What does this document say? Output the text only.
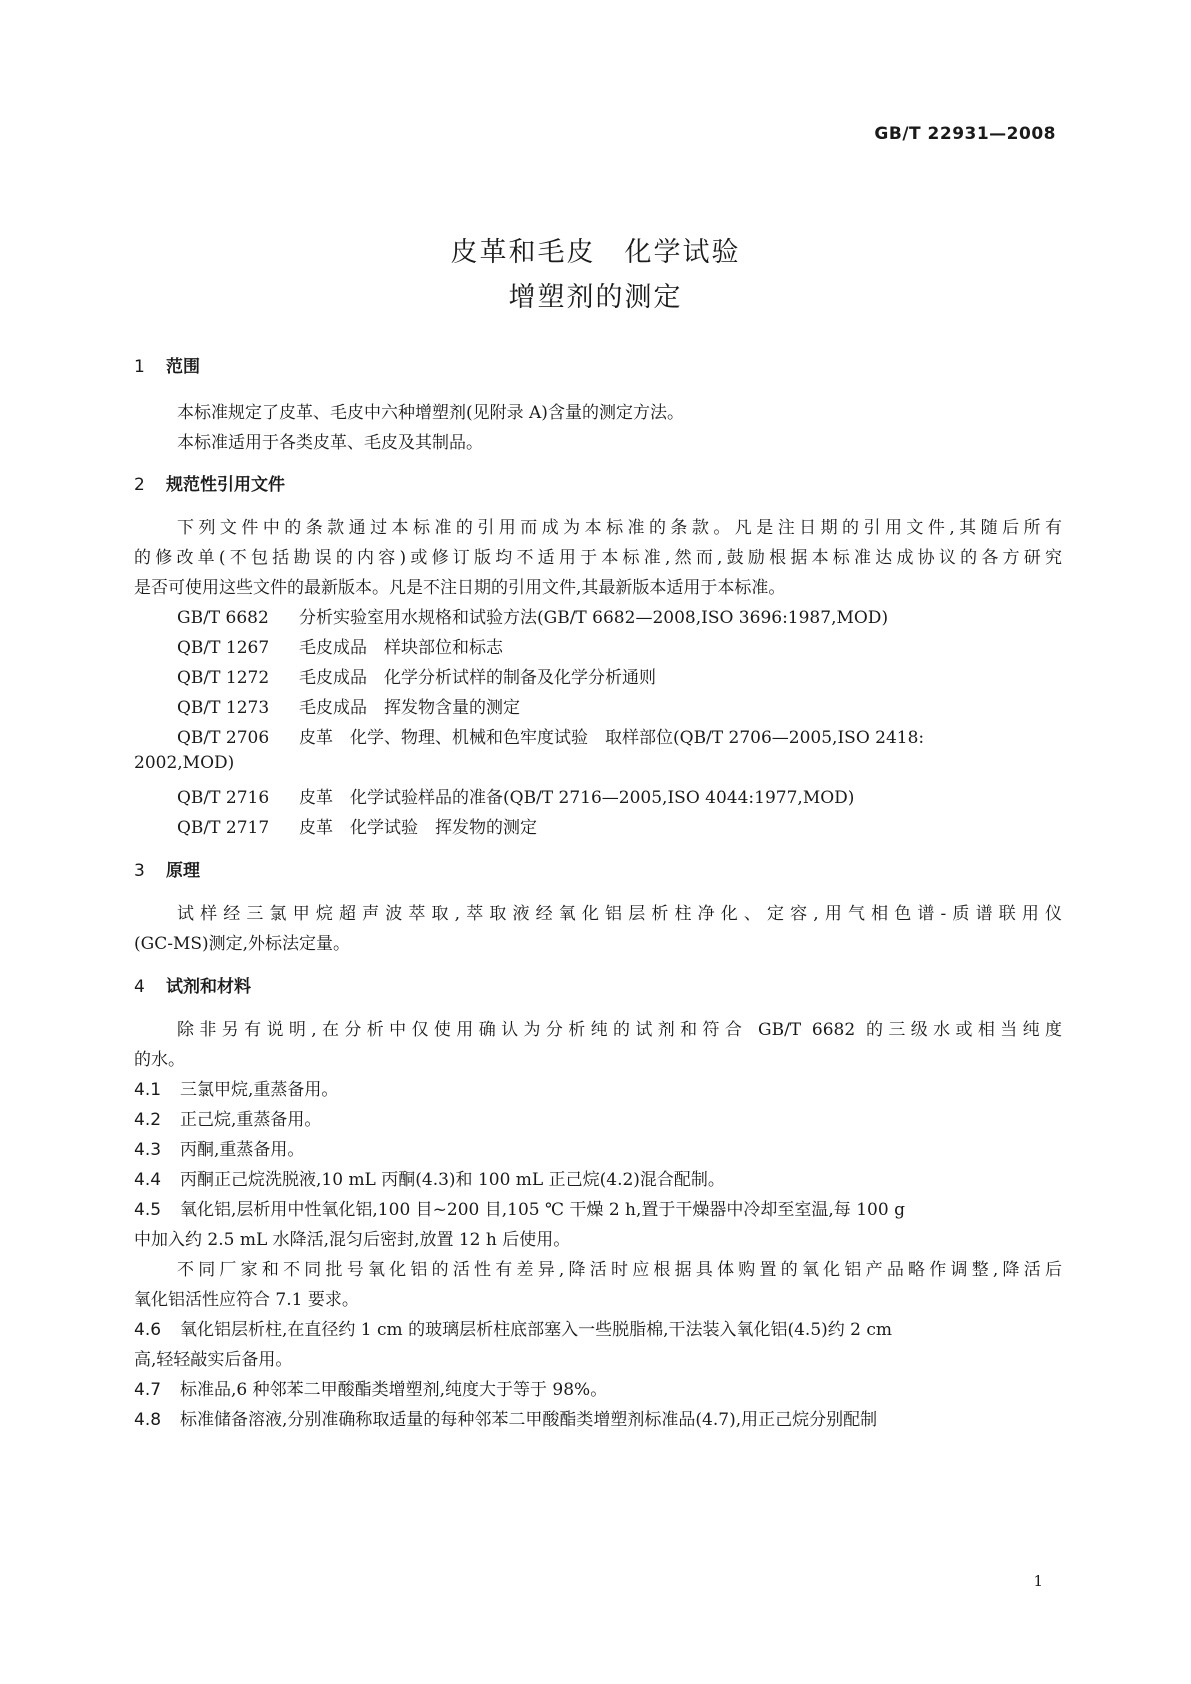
GB/T 22931—2008
皮革和毛皮　化学试验
增塑剂的测定
1 范围
本标准规定了皮革、毛皮中六种增塑剂(见附录 A)含量的测定方法。
本标准适用于各类皮革、毛皮及其制品。
2 规范性引用文件
下列文件中的条款通过本标准的引用而成为本标准的条款。凡是注日期的引用文件,其随后所有
的修改单(不包括勘误的内容)或修订版均不适用于本标准,然而,鼓励根据本标准达成协议的各方研究
是否可使用这些文件的最新版本。凡是不注日期的引用文件,其最新版本适用于本标准。
GB/T 6682 分析实验室用水规格和试验方法(GB/T 6682—2008,ISO 3696:1987,MOD)
QB/T 1267 毛皮成品　样块部位和标志
QB/T 1272 毛皮成品　化学分析试样的制备及化学分析通则
QB/T 1273 毛皮成品　挥发物含量的测定
QB/T 2706 皮革　化学、物理、机械和色牢度试验　取样部位(QB/T 2706—2005,ISO 2418:
2002,MOD)
QB/T 2716 皮革　化学试验样品的准备(QB/T 2716—2005,ISO 4044:1977,MOD)
QB/T 2717 皮革　化学试验　挥发物的测定
3 原理
试样经三氯甲烷超声波萃取,萃取液经氧化铝层析柱净化、定容,用气相色谱-质谱联用仪
(GC-MS)测定,外标法定量。
4 试剂和材料
除非另有说明,在分析中仅使用确认为分析纯的试剂和符合 GB/T 6682 的三级水或相当纯度
的水。
4.1 三氯甲烷,重蒸备用。
4.2 正己烷,重蒸备用。
4.3 丙酮,重蒸备用。
4.4 丙酮正己烷洗脱液,10 mL 丙酮(4.3)和 100 mL 正己烷(4.2)混合配制。
4.5 氧化铝,层析用中性氧化铝,100 目~200 目,105 ℃ 干燥 2 h,置于干燥器中冷却至室温,每 100 g
中加入约 2.5 mL 水降活,混匀后密封,放置 12 h 后使用。
不同厂家和不同批号氧化铝的活性有差异,降活时应根据具体购置的氧化铝产品略作调整,降活后
氧化铝活性应符合 7.1 要求。
4.6 氧化铝层析柱,在直径约 1 cm 的玻璃层析柱底部塞入一些脱脂棉,干法装入氧化铝(4.5)约 2 cm
高,轻轻敲实后备用。
4.7 标准品,6 种邻苯二甲酸酯类增塑剂,纯度大于等于 98%。
4.8 标准储备溶液,分别准确称取适量的每种邻苯二甲酸酯类增塑剂标准品(4.7),用正己烷分别配制
1
